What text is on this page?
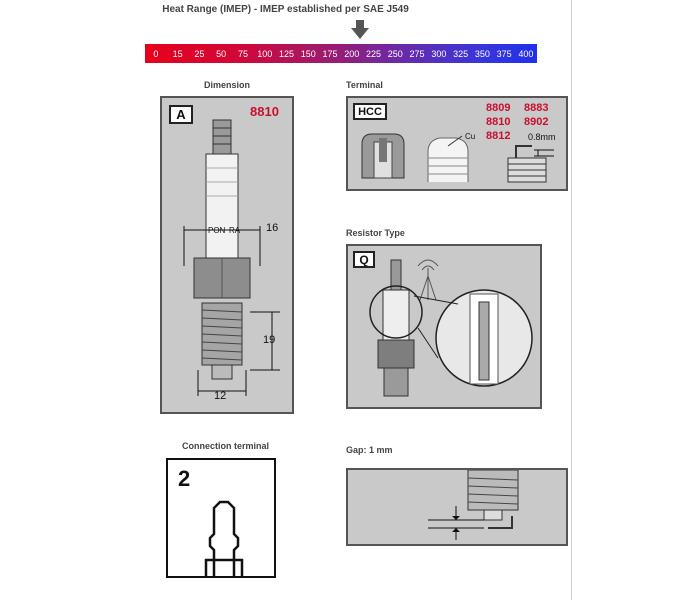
Heat Range (IMEP) - IMEP established per SAE J549
0	15	25	50	75	100 125 150 175 200 225 250 275 300 325 350 375 400
Dimension	Terminal
Resistor Type
Connection terminal	Gap: 1 mm
A	8810
PON RA 16
19
12
HCC	8809 8883
8810 8902
8812
Cu	0.8mm
Q
2
